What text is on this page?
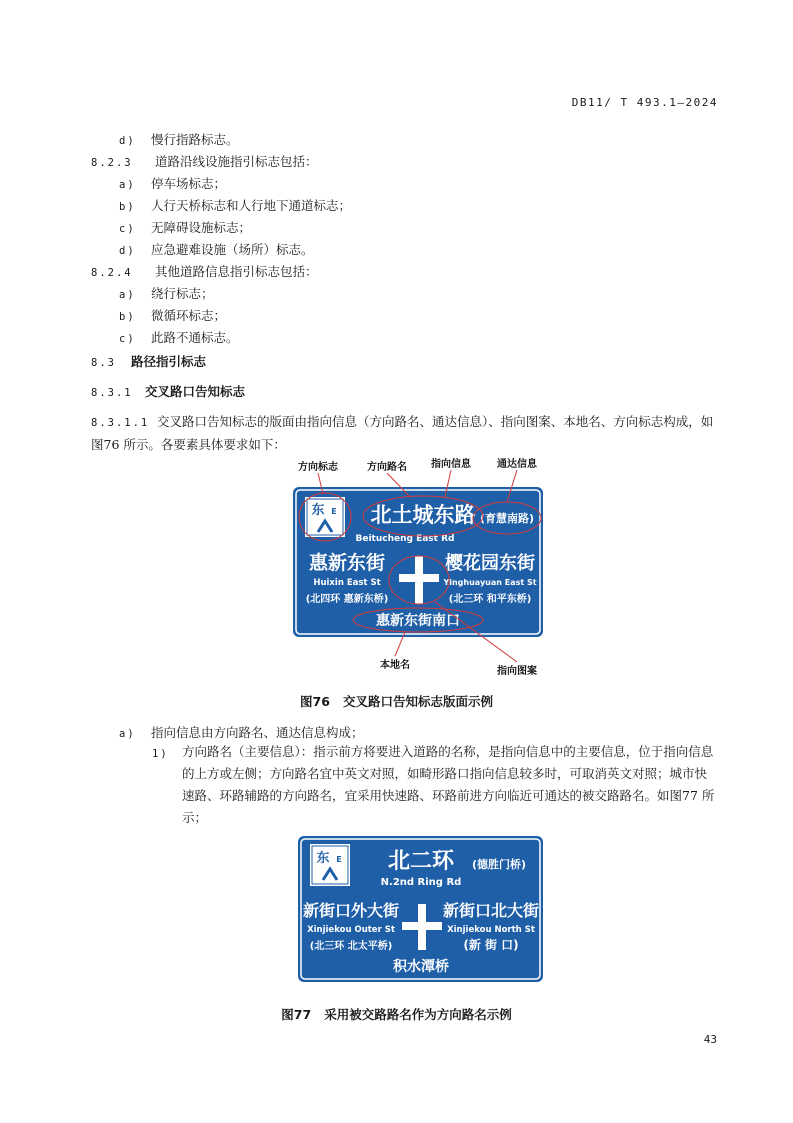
DB11/ T 493.1—2024
d) 慢行指路标志。
8.2.3 道路沿线设施指引标志包括：
a) 停车场标志；
b) 人行天桥标志和人行地下通道标志；
c) 无障碍设施标志；
d) 应急避难设施（场所）标志。
8.2.4 其他道路信息指引标志包括：
a) 绕行标志；
b) 微循环标志；
c) 此路不通标志。
8.3 路径指引标志
8.3.1 交叉路口告知标志
8.3.1.1 交叉路口告知标志的版面由指向信息（方向路名、通达信息）、指向图案、本地名、方向标志构成，如图76 所示。各要素具体要求如下：
东 E 北土城东路 (育慧南路)
Beitucheng East Rd
惠新东街
Huixin East St
(北四环 惠新东桥)
樱花园东街
Yinghuayuan East St
(北三环 和平东桥)
惠新东街南口
方向标志	方向路名 指向信息	通达信息
本地名
指向图案
图76 交叉路口告知标志版面示例
a) 指向信息由方向路名、通达信息构成；
1) 方向路名（主要信息）：指示前方将要进入道路的名称，是指向信息中的主要信息，位于指向信息的上方或左侧；方向路名宜中英文对照，如畸形路口指向信息较多时，可取消英文对照；城市快速路、环路辅路的方向路名，宜采用快速路、环路前进方向临近可通达的被交路路名。如图77 所示；
东 E 北二环 (德胜门桥)
N.2nd Ring Rd
新街口外大街
Xinjiekou Outer St
(北三环 北太平桥)
新街口北大街
Xinjiekou North St
(新 街 口)
积水潭桥
图77 采用被交路路名作为方向路名示例
43
